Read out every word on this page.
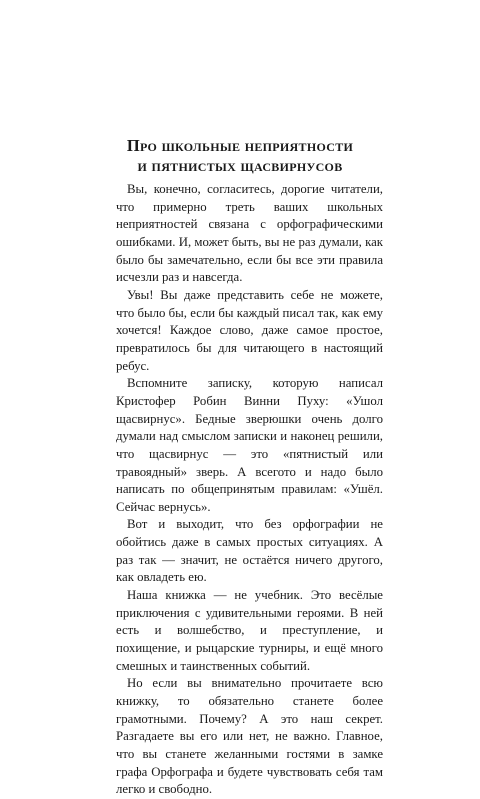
Про школьные неприятности
и пятнистых щасвирнусов

Вы, конечно, согласитесь, дорогие читатели, что примерно треть ваших школьных неприятностей связана с орфографическими ошибками. И, может быть, вы не раз думали, как было бы замечательно, если бы все эти правила исчезли раз и навсегда.

Увы! Вы даже представить себе не можете, что было бы, если бы каждый писал так, как ему хочется! Каждое слово, даже самое простое, превратилось бы для читающего в настоящий ребус.

Вспомните записку, которую написал Кристофер Робин Винни Пуху: «Ушол щасвирнус». Бедные зверюшки очень долго думали над смыслом записки и наконец решили, что щасвирнус — это «пятнистый или травоядный» зверь. А всегото и надо было написать по общепринятым правилам: «Ушёл. Сейчас вернусь».

Вот и выходит, что без орфографии не обойтись даже в самых простых ситуациях. А раз так — значит, не остаётся ничего другого, как овладеть ею.

Наша книжка — не учебник. Это весёлые приключения с удивительными героями. В ней есть и волшебство, и преступление, и похищение, и рыцарские турниры, и ещё много смешных и таинственных событий.

Но если вы внимательно прочитаете всю книжку, то обязательно станете более грамотными. Почему? А это наш секрет. Разгадаете вы его или нет, не важно. Главное, что вы станете желанными гостями в замке графа Орфографа и будете чувствовать себя там легко и свободно.
